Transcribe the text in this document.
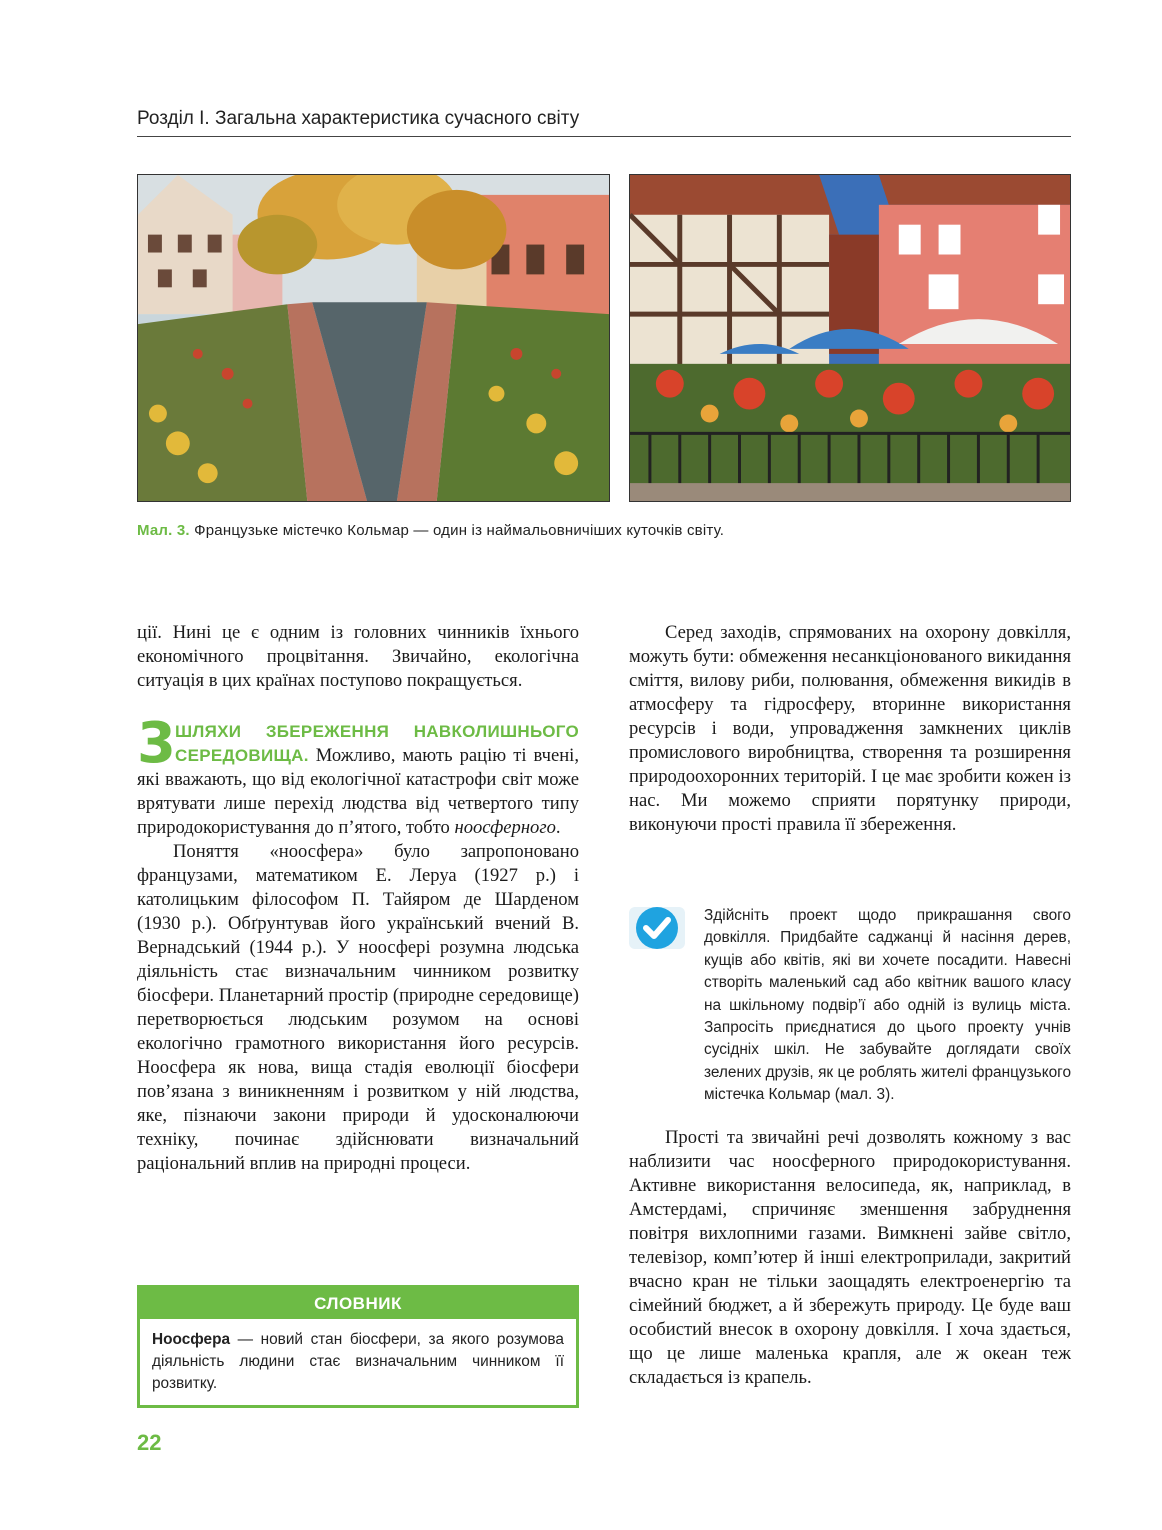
Розділ І. Загальна характеристика сучасного світу
Мал. 3. Французьке містечко Кольмар — один із наймальовничіших куточків світу.

ції. Нині це є одним із головних чинників їхнього економічного процвітання. Звичайно, екологічна ситуація в цих країнах поступово покращується.

3 ШЛЯХИ ЗБЕРЕЖЕННЯ НАВКОЛИШНЬОГО СЕРЕДОВИЩА. Можливо, мають рацію ті вчені, які вважають, що від екологічної катастрофи світ може врятувати лише перехід людства від четвертого типу природокористування до п’ятого, тобто ноосферного.

Поняття «ноосфера» було запропоновано французами, математиком Е. Леруа (1927 р.) і католицьким філософом П. Тайяром де Шарденом (1930 р.). Обґрунтував його український вчений В. Вернадський (1944 р.). У ноосфері розумна людська діяльність стає визначальним чинником розвитку біосфери. Планетарний простір (природне середовище) перетворюється людським розумом на основі екологічно грамотного використання його ресурсів. Ноосфера як нова, вища стадія еволюції біосфери пов’язана з виникненням і розвитком у ній людства, яке, пізнаючи закони природи й удосконалюючи техніку, починає здійснювати визначальний раціональний вплив на природні процеси.

СЛОВНИК
Ноосфера — новий стан біосфери, за якого розумова діяльність людини стає визначальним чинником її розвитку.

Серед заходів, спрямованих на охорону довкілля, можуть бути: обмеження несанкціонованого викидання сміття, вилову риби, полювання, обмеження викидів в атмосферу та гідросферу, вторинне використання ресурсів і води, упровадження замкнених циклів промислового виробництва, створення та розширення природоохоронних територій. І це має зробити кожен із нас. Ми можемо сприяти порятунку природи, виконуючи прості правила її збереження.

Здійсніть проект щодо прикрашання свого довкілля. Придбайте саджанці й насіння дерев, кущів або квітів, які ви хочете посадити. Навесні створіть маленький сад або квітник вашого класу на шкільному подвір’ї або одній із вулиць міста. Запросіть приєднатися до цього проекту учнів сусідніх шкіл. Не забувайте доглядати своїх зелених друзів, як це роблять жителі французького містечка Кольмар (мал. 3).

Прості та звичайні речі дозволять кожному з вас наблизити час ноосферного природокористування. Активне використання велосипеда, як, наприклад, в Амстердамі, спричиняє зменшення забруднення повітря вихлопними газами. Вимкнені зайве світло, телевізор, комп’ютер й інші електроприлади, закритий вчасно кран не тільки заощадять електроенергію та сімейний бюджет, а й збережуть природу. Це буде ваш особистий внесок в охорону довкілля. І хоча здається, що це лише маленька крапля, але ж океан теж складається із крапель.

22
